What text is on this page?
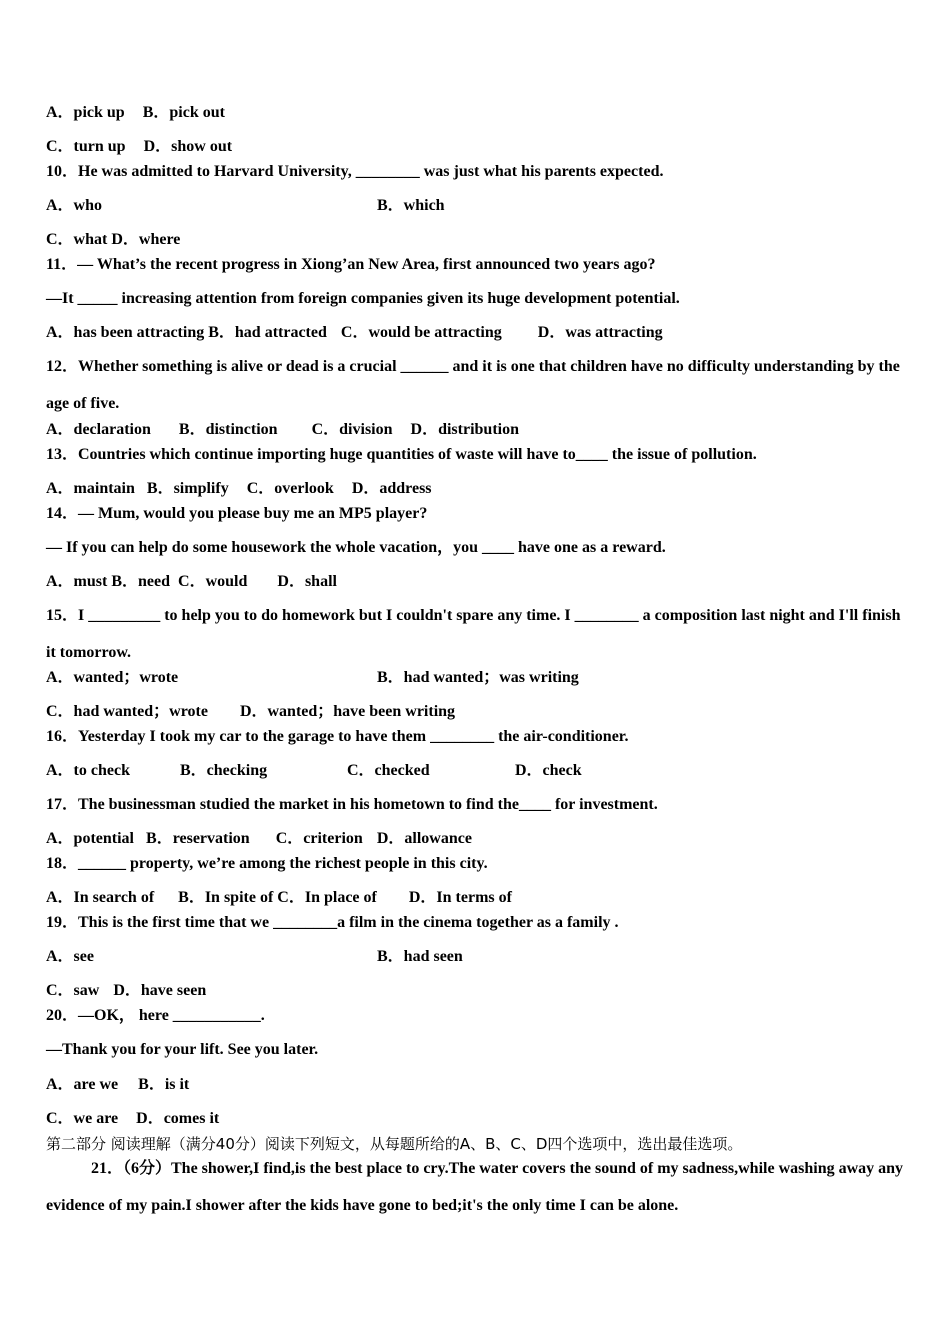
A．pick up B．pick out
C．turn up D．show out
10．He was admitted to Harvard University, ________ was just what his parents expected.
A．who	B．which
C．what D．where
11．— What’s the recent progress in Xiong’an New Area, first announced two years ago?
—It _____ increasing attention from foreign companies given its huge development potential.
A．has been attracting B．had attracted C．would be attracting D．was attracting
12．Whether something is alive or dead is a crucial ______ and it is one that children have no difficulty understanding by the age of five.
A．declaration B．distinction C．division D．distribution
13．Countries which continue importing huge quantities of waste will have to____ the issue of pollution.
A．maintain B．simplify C．overlook D．address
14．— Mum, would you please buy me an MP5 player?
— If you can help do some housework the whole vacation，you ____ have one as a reward.
A．must B．need C．would D．shall
15．I _________ to help you to do homework but I couldn't spare any time. I ________ a composition last night and I'll finish it tomorrow.
A．wanted；wrote	B．had wanted；was writing
C．had wanted；wrote D．wanted；have been writing
16．Yesterday I took my car to the garage to have them ________ the air-conditioner.
A．to check	B．checking	C．checked	D．check
17．The businessman studied the market in his hometown to find the____ for investment.
A．potential B．reservation C．criterion D．allowance
18．______ property, we’re among the richest people in this city.
A．In search of B．In spite of C．In place of D．In terms of
19．This is the first time that we ________a film in the cinema together as a family .
A．see	B．had seen
C．saw D．have seen
20．—OK， here ___________.
—Thank you for your lift. See you later.
A．are we B．is it
C．we are D．comes it
第二部分 阅读理解（满分40分）阅读下列短文，从每题所给的A、B、C、D四个选项中，选出最佳选项。
21．（6分）The shower,I find,is the best place to cry.The water covers the sound of my sadness,while washing away any evidence of my pain.I shower after the kids have gone to bed;it's the only time I can be alone.
